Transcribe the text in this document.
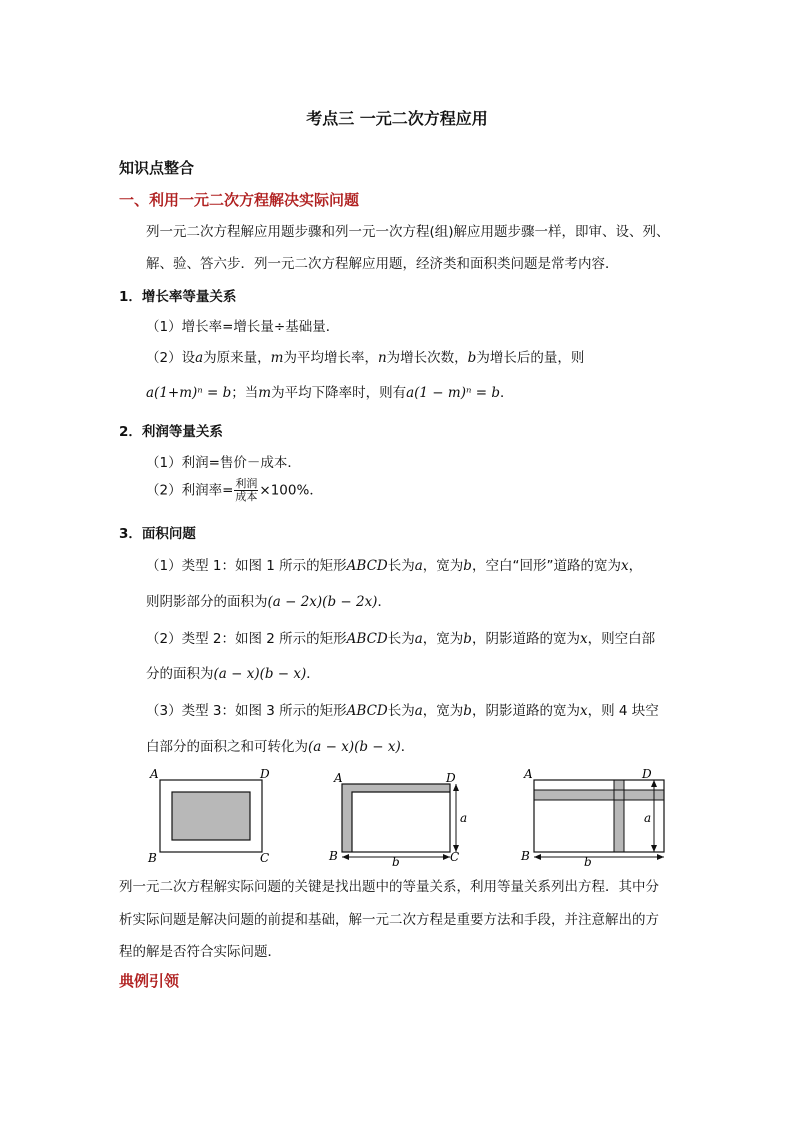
考点三 一元二次方程应用
知识点整合
一、利用一元二次方程解决实际问题
列一元二次方程解应用题步骤和列一元一次方程(组)解应用题步骤一样，即审、设、列、
解、验、答六步．列一元二次方程解应用题，经济类和面积类问题是常考内容．
1．增长率等量关系
（1）增长率=增长量÷基础量．
（2）设a为原来量，m为平均增长率，n为增长次数，b为增长后的量，则
a(1+m)ⁿ = b；当m为平均下降率时，则有a(1 − m)ⁿ = b．
2．利润等量关系
（1）利润=售价－成本．
（2）利润率= $\frac{\text{利润}}{\text{成本}} \times 100\%$．
3．面积问题
（1）类型 1：如图 1 所示的矩形ABCD长为a，宽为b，空白“回形”道路的宽为x，
则阴影部分的面积为(a − 2x)(b − 2x)．
（2）类型 2：如图 2 所示的矩形ABCD长为a，宽为b，阴影道路的宽为x，则空白部
分的面积为(a − x)(b − x)．
（3）类型 3：如图 3 所示的矩形ABCD长为a，宽为b，阴影道路的宽为x，则 4 块空
白部分的面积之和可转化为(a − x)(b − x)．
A	D
B	C
A	D
B	C
a
b
A	D
B
a
b
列一元二次方程解实际问题的关键是找出题中的等量关系，利用等量关系列出方程．其中分
析实际问题是解决问题的前提和基础，解一元二次方程是重要方法和手段，并注意解出的方
程的解是否符合实际问题．
典例引领
